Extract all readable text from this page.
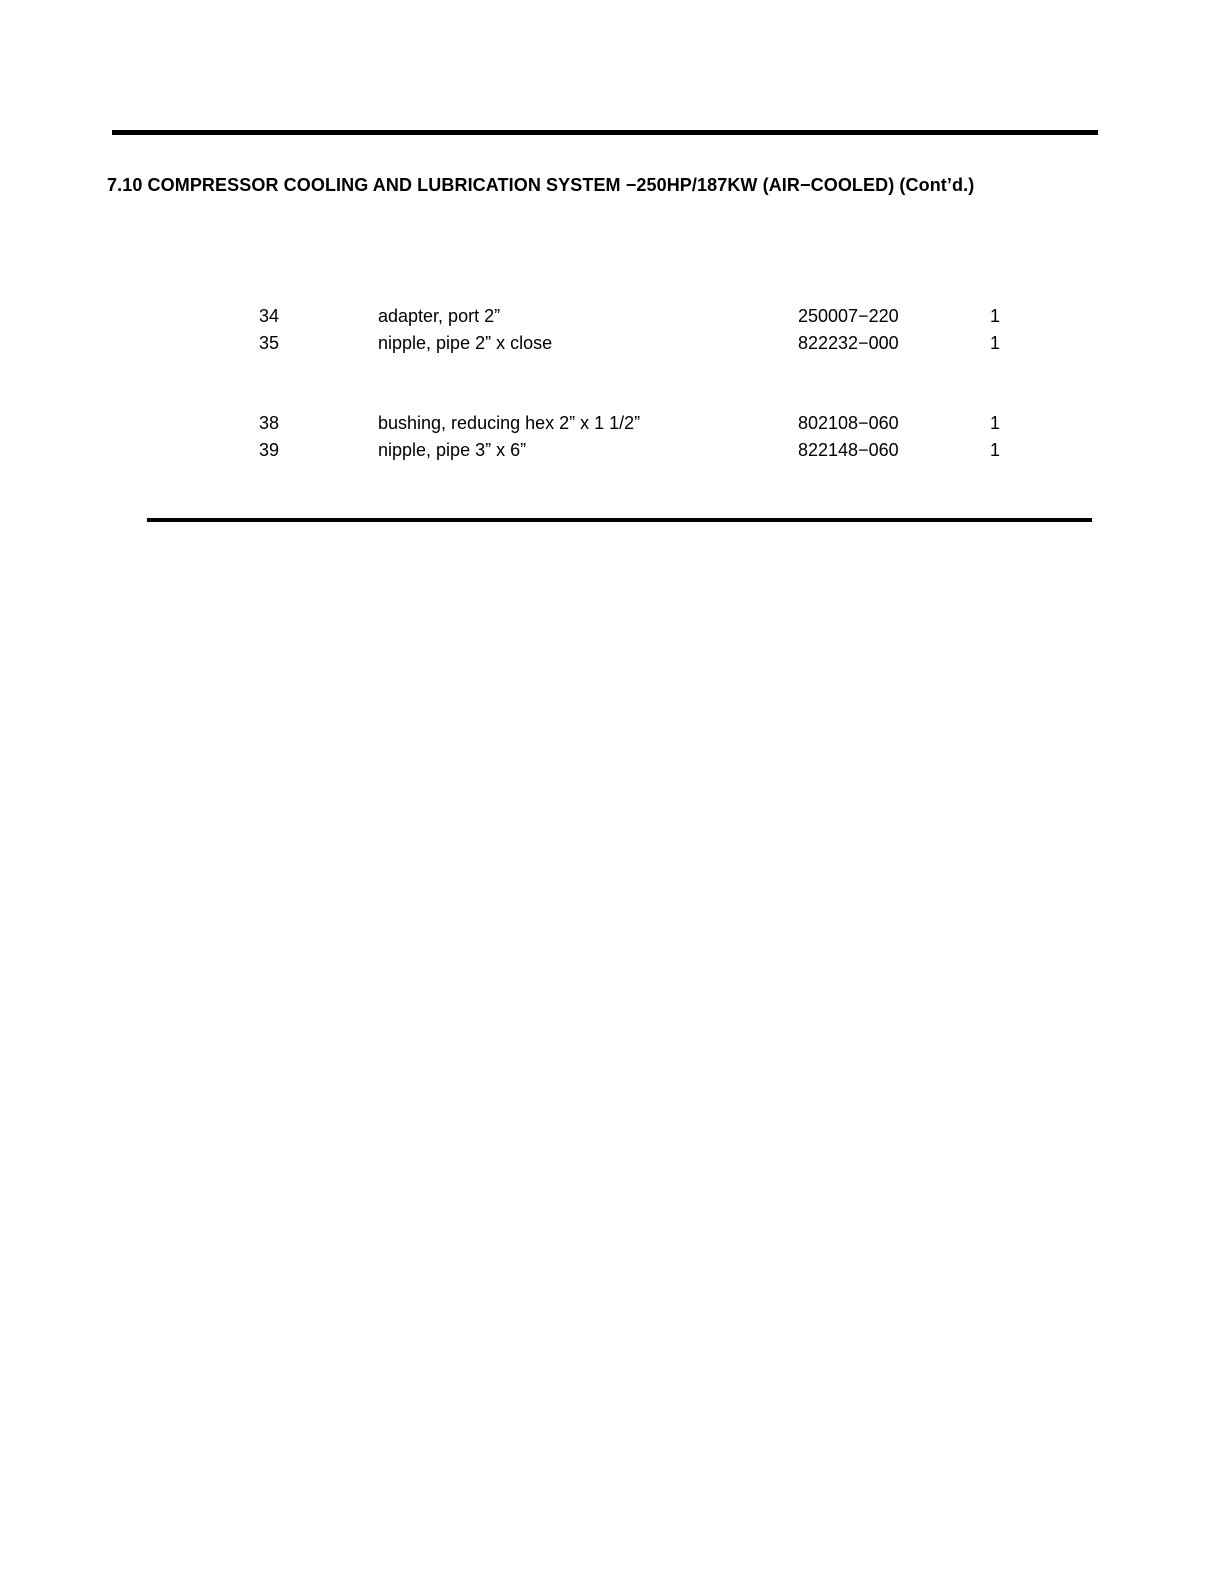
7.10 COMPRESSOR COOLING AND LUBRICATION SYSTEM −250HP/187KW (AIR−COOLED) (Cont’d.)
34	adapter, port 2”	250007−220	1
35	nipple, pipe 2” x close	822232−000	1
38	bushing, reducing hex 2” x 1 1/2”	802108−060	1
39	nipple, pipe 3” x 6”	822148−060	1
